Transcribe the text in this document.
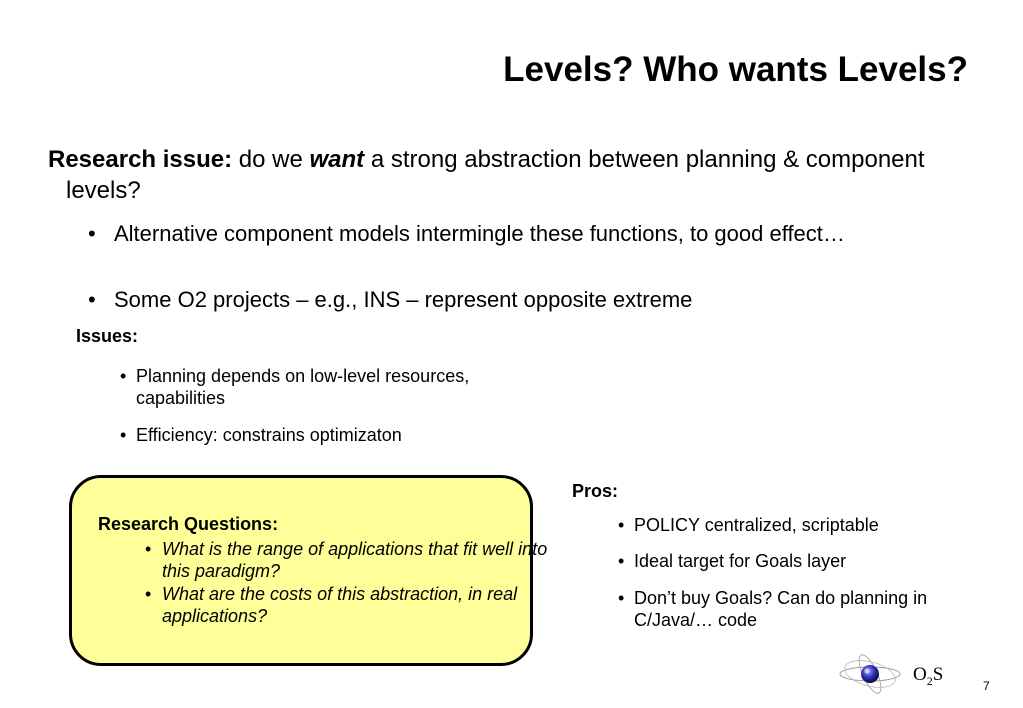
Levels? Who wants Levels?
Research issue: do we want a strong abstraction between planning & component levels?
• Alternative component models intermingle these functions, to good effect…
• Some O2 projects – e.g., INS – represent opposite extreme
Issues:
• Planning depends on low-level resources, capabilities
• Efficiency: constrains optimizaton
Research Questions:
• What is the range of applications that fit well into this paradigm?
• What are the costs of this abstraction, in real applications?
Pros:
• POLICY centralized, scriptable
• Ideal target for Goals layer
• Don’t buy Goals? Can do planning in C/Java/… code
$O_2S$
7
